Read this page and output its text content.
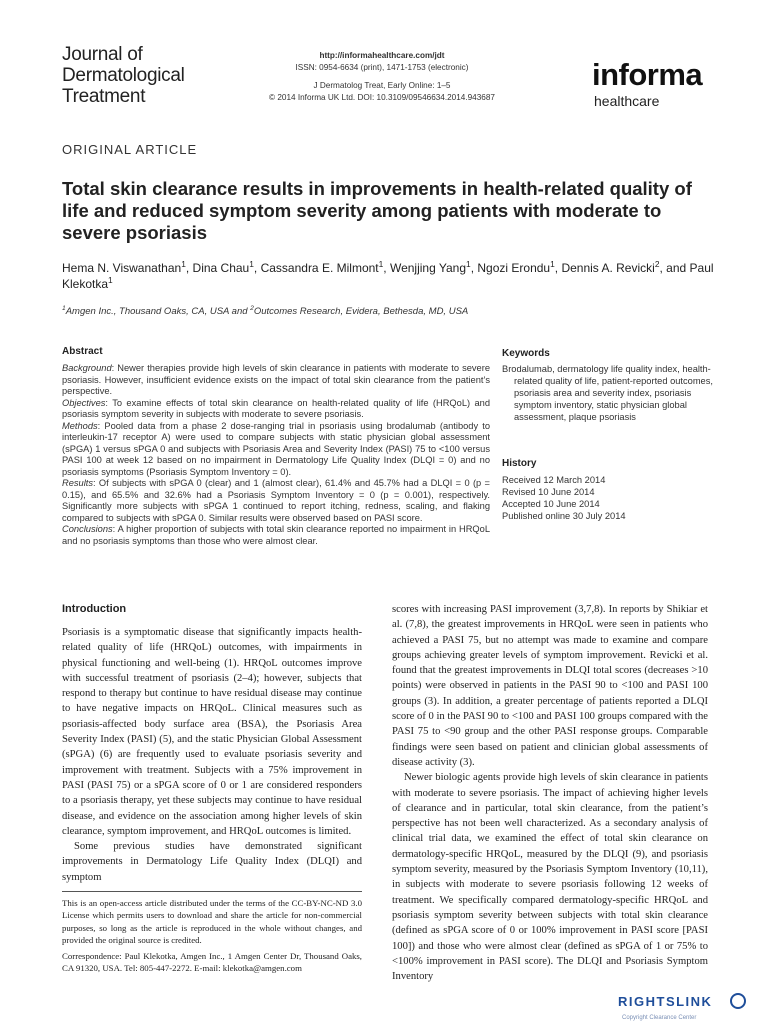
Journal of
Dermatological
Treatment
http://informahealthcare.com/jdt
ISSN: 0954-6634 (print), 1471-1753 (electronic)
J Dermatolog Treat, Early Online: 1–5
© 2014 Informa UK Ltd. DOI: 10.3109/09546634.2014.943687
informa
healthcare
ORIGINAL ARTICLE
Total skin clearance results in improvements in health-related quality of life and reduced symptom severity among patients with moderate to severe psoriasis
Hema N. Viswanathan$^1$, Dina Chau$^1$, Cassandra E. Milmont$^1$, Wenjjing Yang$^1$, Ngozi Erondu$^1$, Dennis A. Revicki$^2$, and Paul Klekotka$^1$
$^1$Amgen Inc., Thousand Oaks, CA, USA and $^2$Outcomes Research, Evidera, Bethesda, MD, USA
Abstract

Background: Newer therapies provide high levels of skin clearance in patients with moderate to severe psoriasis. However, insufficient evidence exists on the impact of total skin clearance from the patient’s perspective.

Objectives: To examine effects of total skin clearance on health-related quality of life (HRQoL) and psoriasis symptom severity in subjects with moderate to severe psoriasis.

Methods: Pooled data from a phase 2 dose-ranging trial in psoriasis using brodalumab (antibody to interleukin-17 receptor A) were used to compare subjects with static physician global assessment (sPGA) 1 versus sPGA 0 and subjects with Psoriasis Area and Severity Index (PASI) 75 to <100 versus PASI 100 at week 12 based on no impairment in Dermatology Life Quality Index (DLQI = 0) and no psoriasis symptoms (Psoriasis Symptom Inventory = 0).

Results: Of subjects with sPGA 0 (clear) and 1 (almost clear), 61.4% and 45.7% had a DLQI = 0 (p = 0.15), and 65.5% and 32.6% had a Psoriasis Symptom Inventory = 0 (p = 0.001), respectively. Significantly more subjects with sPGA 1 continued to report itching, redness, scaling, and flaking compared to subjects with sPGA 0. Similar results were observed based on PASI score.

Conclusions: A higher proportion of subjects with total skin clearance reported no impairment in HRQoL and no psoriasis symptoms than those who were almost clear.

Keywords
Brodalumab, dermatology life quality index, health-related quality of life, patient-reported outcomes, psoriasis area and severity index, psoriasis symptom inventory, static physician global assessment, plaque psoriasis
History
Received 12 March 2014
Revised 10 June 2014
Accepted 10 June 2014
Published online 30 July 2014
Introduction

Psoriasis is a symptomatic disease that significantly impacts health-related quality of life (HRQoL) outcomes, with impairments in physical functioning and well-being (1). HRQoL outcomes improve with successful treatment of psoriasis (2–4); however, subjects that respond to therapy but continue to have residual disease may continue to have negative impacts on HRQoL. Clinical measures such as psoriasis-affected body surface area (BSA), the Psoriasis Area Severity Index (PASI) (5), and the static Physician Global Assessment (sPGA) (6) are frequently used to evaluate psoriasis severity and improvement with treatment. Subjects with a 75% improvement in PASI (PASI 75) or a sPGA score of 0 or 1 are considered responders to a psoriasis therapy, yet these subjects may continue to have residual disease, and evidence on the association among higher levels of skin clearance, symptom improvement, and HRQoL outcomes is limited.

Some previous studies have demonstrated significant improvements in Dermatology Life Quality Index (DLQI) and symptom

scores with increasing PASI improvement (3,7,8). In reports by Shikiar et al. (7,8), the greatest improvements in HRQoL were seen in patients who achieved a PASI 75, but no attempt was made to examine and compare groups achieving greater levels of symptom improvement. Revicki et al. found that the greatest improvements in DLQI total scores (decreases >10 points) were observed in patients in the PASI 90 to <100 and PASI 100 groups (3). In addition, a greater percentage of patients reported a DLQI score of 0 in the PASI 90 to <100 and PASI 100 groups compared with the PASI 75 to <90 group and the other PASI response groups. Comparable findings were seen based on patient and clinician global assessments of disease activity (3).

Newer biologic agents provide high levels of skin clearance in patients with moderate to severe psoriasis. The impact of achieving higher levels of clearance and in particular, total skin clearance, from the patient’s perspective has not been well characterized. As a secondary analysis of clinical trial data, we examined the effect of total skin clearance on dermatology-specific HRQoL, measured by the DLQI (9), and psoriasis symptom severity, measured by the Psoriasis Symptom Inventory (10,11), in subjects with moderate to severe psoriasis following 12 weeks of treatment. We specifically compared dermatology-specific HRQoL and psoriasis symptom severity between subjects with total skin clearance (defined as sPGA score of 0 or 100% improvement in PASI score [PASI 100]) and those who were almost clear (defined as sPGA of 1 or 75% to <100% improvement in PASI score). The DLQI and Psoriasis Symptom Inventory

This is an open-access article distributed under the terms of the CC-BY-NC-ND 3.0 License which permits users to download and share the article for non-commercial purposes, so long as the article is reproduced in the whole without changes, and provided the original source is credited.

Correspondence: Paul Klekotka, Amgen Inc., 1 Amgen Center Dr, Thousand Oaks, CA 91320, USA. Tel: 805-447-2272. E-mail: klekotka@amgen.com

RIGHTSLINK
Copyright Clearance Center
